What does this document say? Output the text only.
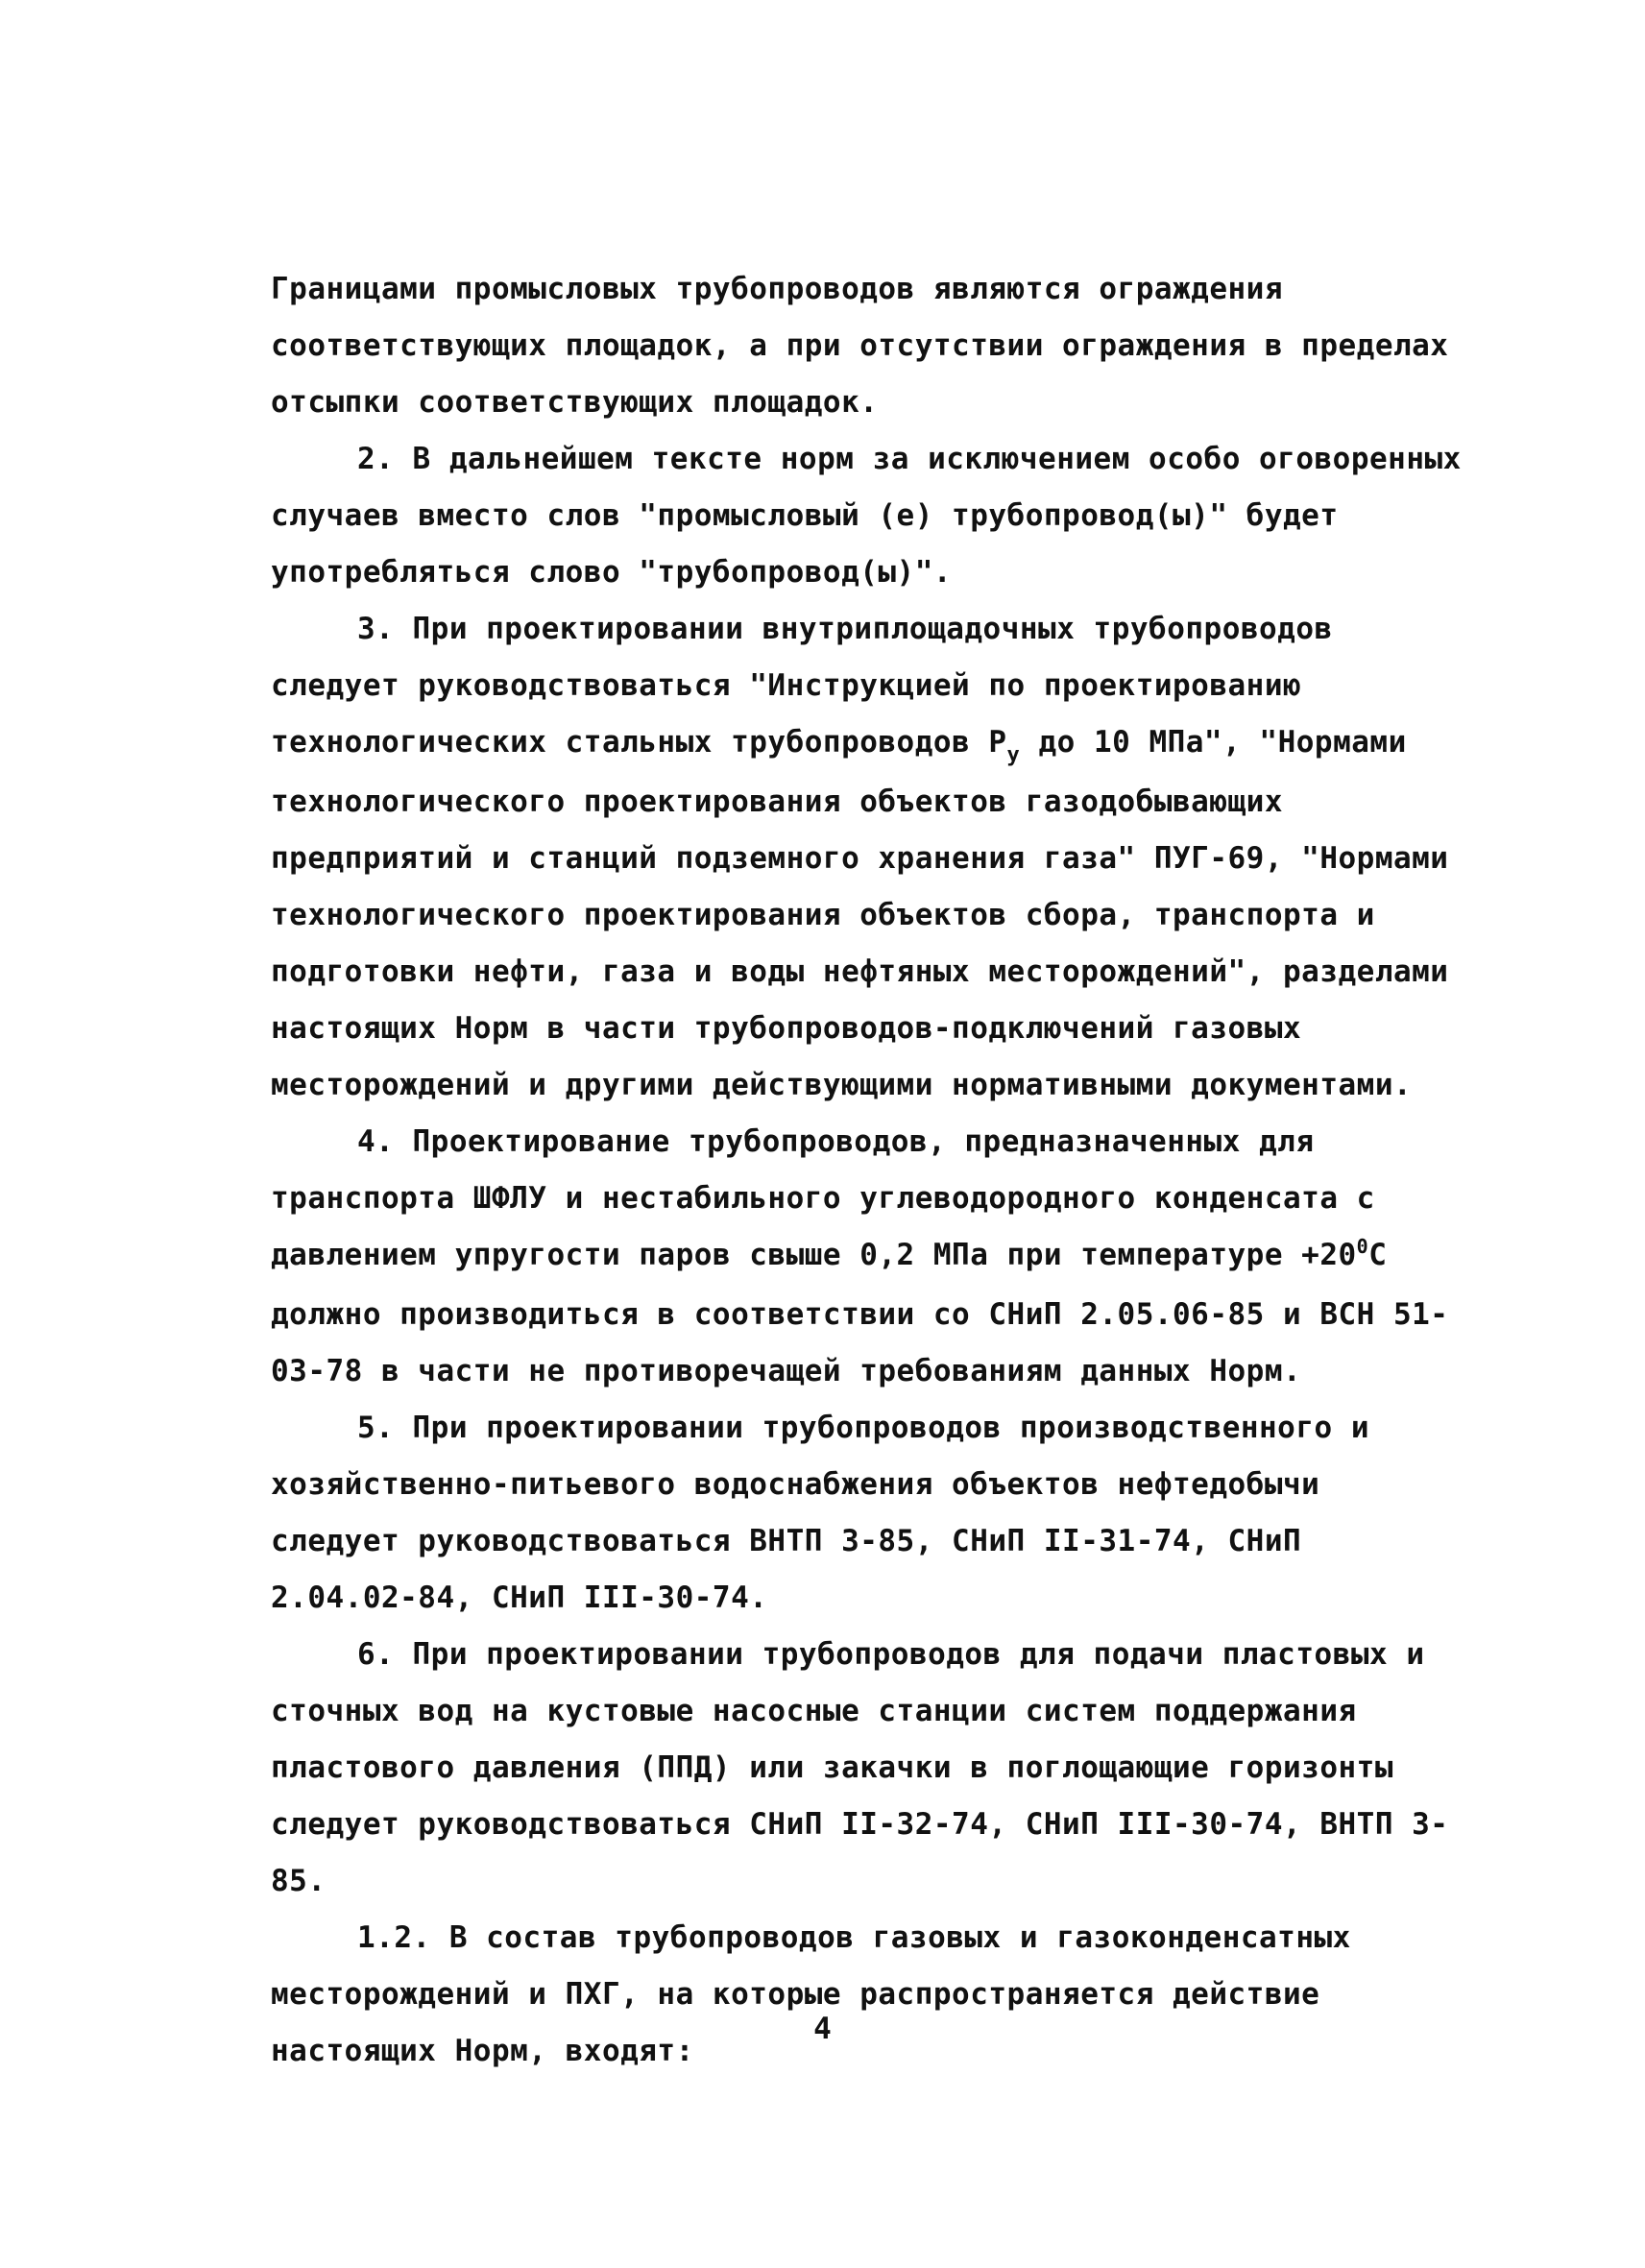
Границами промысловых трубопроводов являются ограждения соответствующих площадок, а при отсутствии ограждения в пределах отсыпки соответствующих площадок.

2. В дальнейшем тексте норм за исключением особо оговоренных случаев вместо слов "промысловый (е) трубопровод(ы)" будет употребляться слово "трубопровод(ы)".

3. При проектировании внутриплощадочных трубопроводов следует руководствоваться "Инструкцией по проектированию технологических стальных трубопроводов $Р_у$ до 10 МПа", "Нормами технологического проектирования объектов газодобывающих предприятий и станций подземного хранения газа" ПУГ-69, "Нормами технологического проектирования объектов сбора, транспорта и подготовки нефти, газа и воды нефтяных месторождений", разделами настоящих Норм в части трубопроводов-подключений газовых месторождений и другими действующими нормативными документами.

4. Проектирование трубопроводов, предназначенных для транспорта ШФЛУ и нестабильного углеводородного конденсата с давлением упругости паров свыше 0,2 МПа при температуре $+20^0С$ должно производиться в соответствии со СНиП 2.05.06-85 и ВСН 51-03-78 в части не противоречащей требованиям данных Норм.

5. При проектировании трубопроводов производственного и хозяйственно-питьевого водоснабжения объектов нефтедобычи следует руководствоваться ВНТП 3-85, СНиП II-31-74, СНиП 2.04.02-84, СНиП III-30-74.

6. При проектировании трубопроводов для подачи пластовых и сточных вод на кустовые насосные станции систем поддержания пластового давления (ППД) или закачки в поглощающие горизонты следует руководствоваться СНиП II-32-74, СНиП III-30-74, ВНТП 3-85.

1.2. В состав трубопроводов газовых и газоконденсатных месторождений и ПХГ, на которые распространяется действие настоящих Норм, входят:

4
